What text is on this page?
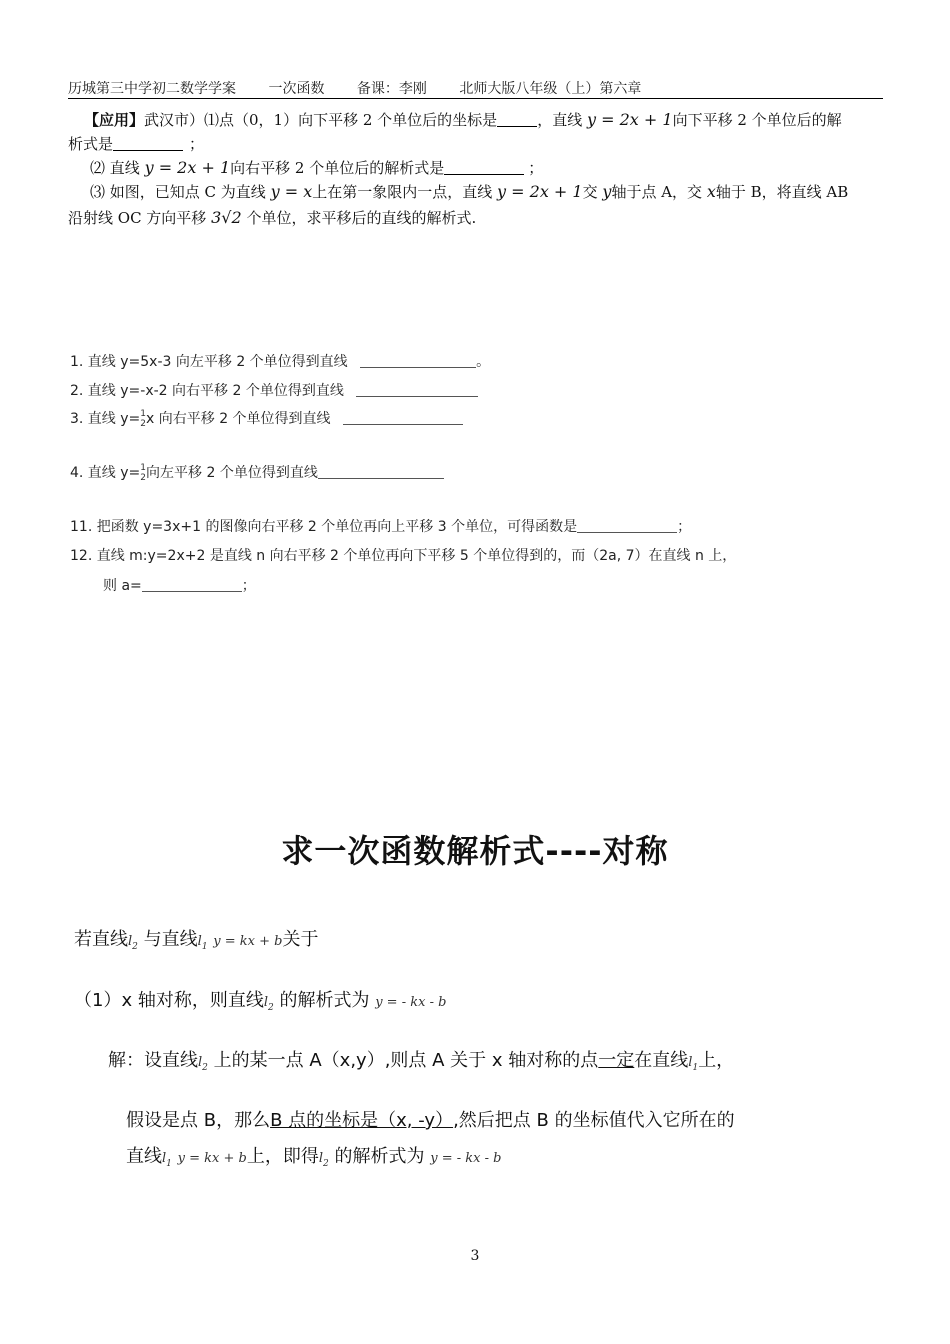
历城第三中学初二数学学案 一次函数 备课：李刚 北师大版八年级（上）第六章
【应用】武汉市）⑴点（0，1）向下平移 2 个单位后的坐标是	，直线 y = 2x + 1向下平移 2 个单位后的解
析式是	；
⑵ 直线 y = 2x + 1向右平移 2 个单位后的解析式是	；
⑶ 如图，已知点 C 为直线 y = x上在第一象限内一点，直线 y = 2x + 1交 y轴于点 A，交 x轴于 B，将直线 AB
沿射线 OC 方向平移 3√2 个单位，求平移后的直线的解析式.
1. 直线 y=5x-3 向左平移 2 个单位得到直线	。
2. 直线 y=-x-2 向右平移 2 个单位得到直线
3. 直线 y=1
2x 向右平移 2 个单位得到直线
4. 直线 y=1
2向左平移 2 个单位得到直线
11. 把函数 y=3x+1 的图像向右平移 2 个单位再向上平移 3 个单位，可得函数是	；
12. 直线 m:y=2x+2 是直线 n 向右平移 2 个单位再向下平移 5 个单位得到的，而（2a, 7）在直线 n 上，
则 a=	；
求一次函数解析式----对称
若直线$l_2$ 与直线$l_1$ y = kx + b关于
（1）x 轴对称，则直线$l_2$ 的解析式为 y = - kx - b
解：设直线$l_2$ 上的某一点 A（x,y）,则点 A 关于 x 轴对称的点一定在直线$l_1$上，
假设是点 B，那么B 点的坐标是（x, -y）,然后把点 B 的坐标值代入它所在的
直线$l_1$ y = kx + b上，即得$l_2$ 的解析式为 y = - kx - b
3
